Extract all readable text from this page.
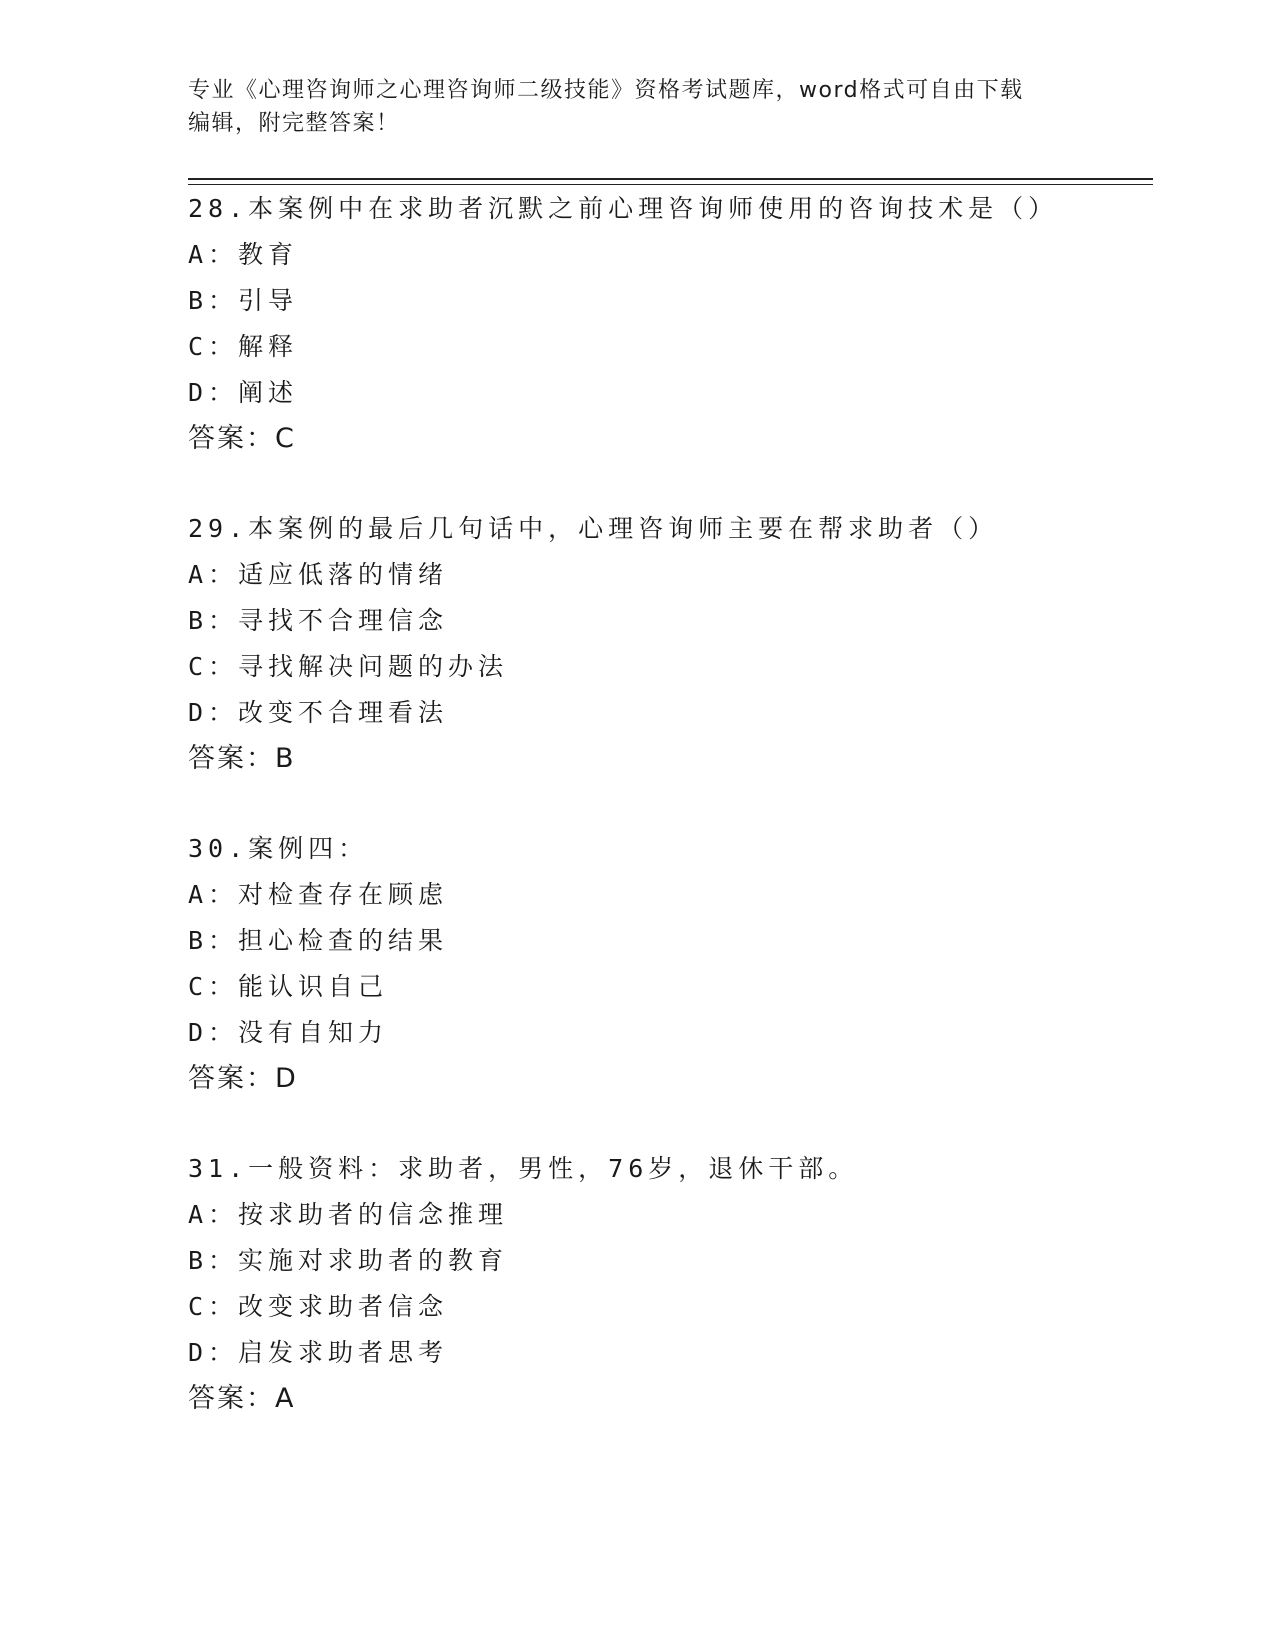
专业《心理咨询师之心理咨询师二级技能》资格考试题库，word格式可自由下载
编辑，附完整答案！
28.本案例中在求助者沉默之前心理咨询师使用的咨询技术是（）
A：教育
B：引导
C：解释
D：阐述
答案：C
29.本案例的最后几句话中，心理咨询师主要在帮求助者（）
A：适应低落的情绪
B：寻找不合理信念
C：寻找解决问题的办法
D：改变不合理看法
答案：B
30.案例四：
A：对检查存在顾虑
B：担心检查的结果
C：能认识自己
D：没有自知力
答案：D
31.一般资料：求助者，男性，76岁，退休干部。
A：按求助者的信念推理
B：实施对求助者的教育
C：改变求助者信念
D：启发求助者思考
答案：A
